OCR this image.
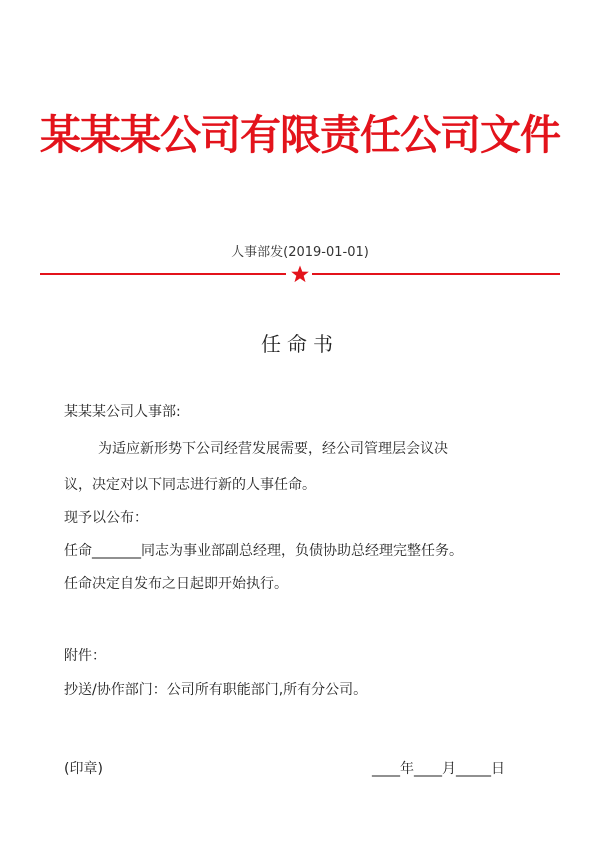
某某某公司有限责任公司文件
人事部发(2019-01-01)
任命书
某某某公司人事部:
为适应新形势下公司经营发展需要，经公司管理层会议决
议，决定对以下同志进行新的人事任命。
现予以公布：
任命_______同志为事业部副总经理，负债协助总经理完整任务。
任命决定自发布之日起即开始执行。
附件：
抄送/协作部门：公司所有职能部门,所有分公司。
(印章)	____年____月_____日
